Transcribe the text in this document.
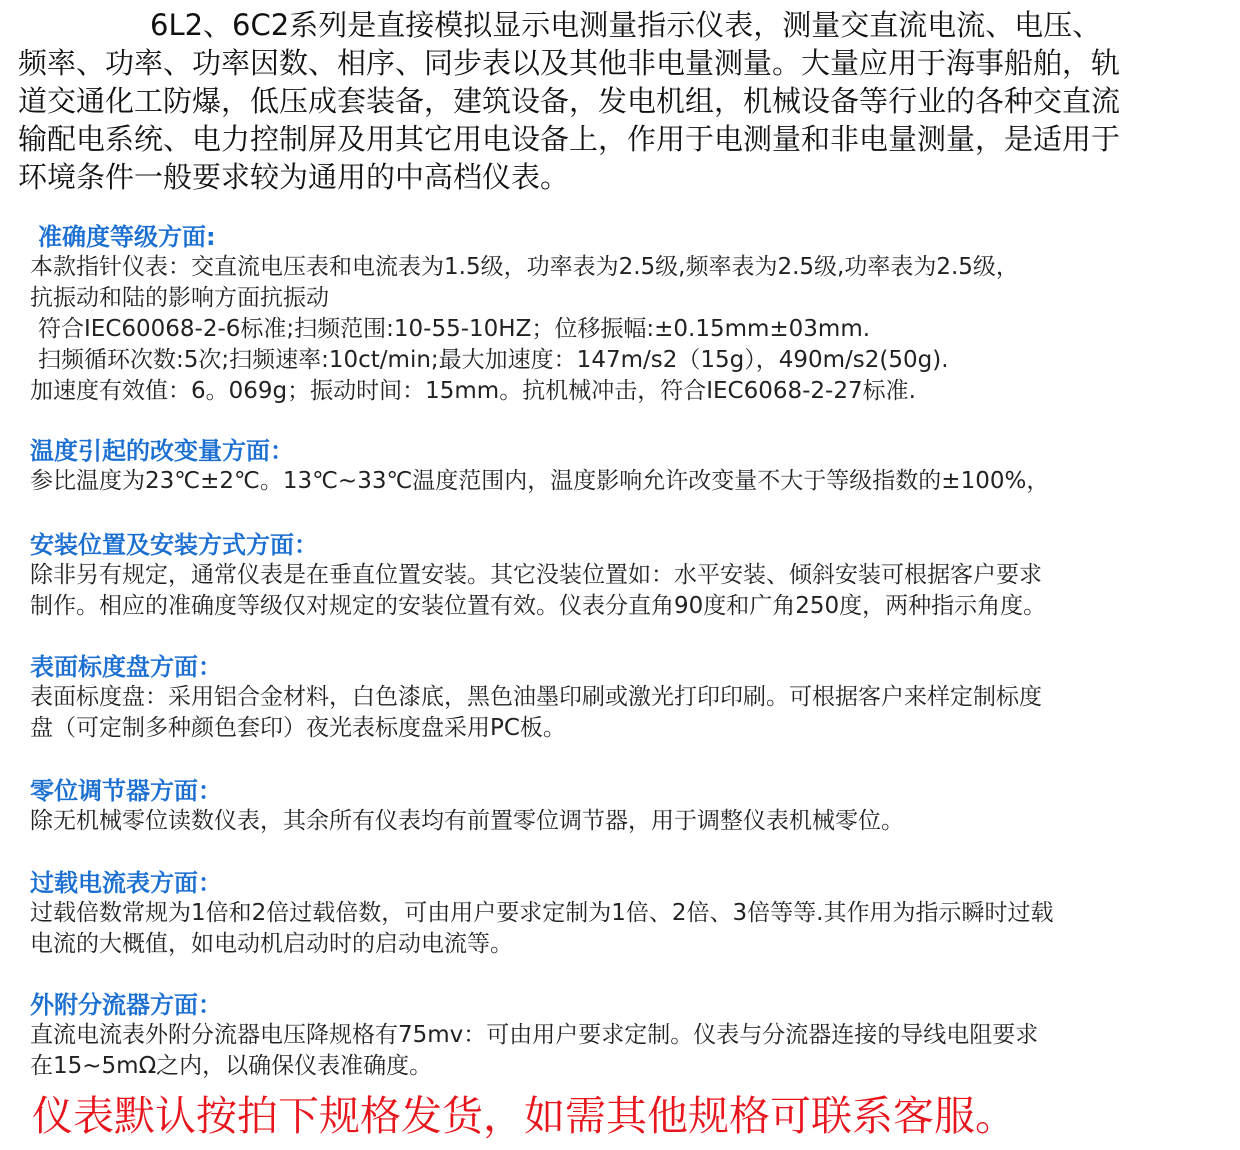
6L2、6C2系列是直接模拟显示电测量指示仪表，测量交直流电流、电压、

频率、功率、功率因数、相序、同步表以及其他非电量测量。大量应用于海事船舶，轨

道交通化工防爆，低压成套装备，建筑设备，发电机组，机械设备等行业的各种交直流

输配电系统、电力控制屏及用其它用电设备上，作用于电测量和非电量测量，是适用于

环境条件一般要求较为通用的中高档仪表。

准确度等级方面:

本款指针仪表：交直流电压表和电流表为1.5级，功率表为2.5级,频率表为2.5级,功率表为2.5级，

抗振动和陆的影响方面抗振动

符合IEC60068-2-6标准;扫频范围:10-55-10HZ；位移振幅:±0.15mm±03mm.

扫频循环次数:5次;扫频速率:10ct/min;最大加速度：147m/s2（15g），490m/s2(50g).

加速度有效值：6。069g；振动时间：15mm。抗机械冲击，符合IEC6068-2-27标准.

温度引起的改变量方面：

参比温度为23℃±2℃。13℃~33℃温度范围内，温度影响允许改变量不大于等级指数的±100%，

安装位置及安装方式方面：

除非另有规定，通常仪表是在垂直位置安装。其它没装位置如：水平安装、倾斜安装可根据客户要求

制作。相应的准确度等级仅对规定的安装位置有效。仪表分直角90度和广角250度，两种指示角度。

表面标度盘方面：

表面标度盘：采用铝合金材料，白色漆底，黑色油墨印刷或激光打印印刷。可根据客户来样定制标度

盘（可定制多种颜色套印）夜光表标度盘采用PC板。

零位调节器方面：

除无机械零位读数仪表，其余所有仪表均有前置零位调节器，用于调整仪表机械零位。

过载电流表方面：

过载倍数常规为1倍和2倍过载倍数，可由用户要求定制为1倍、2倍、3倍等等.其作用为指示瞬时过载

电流的大概值，如电动机启动时的启动电流等。

外附分流器方面：

直流电流表外附分流器电压降规格有75mv：可由用户要求定制。仪表与分流器连接的导线电阻要求

在15~5mΩ之内，以确保仪表准确度。

仪表默认按拍下规格发货，如需其他规格可联系客服。
